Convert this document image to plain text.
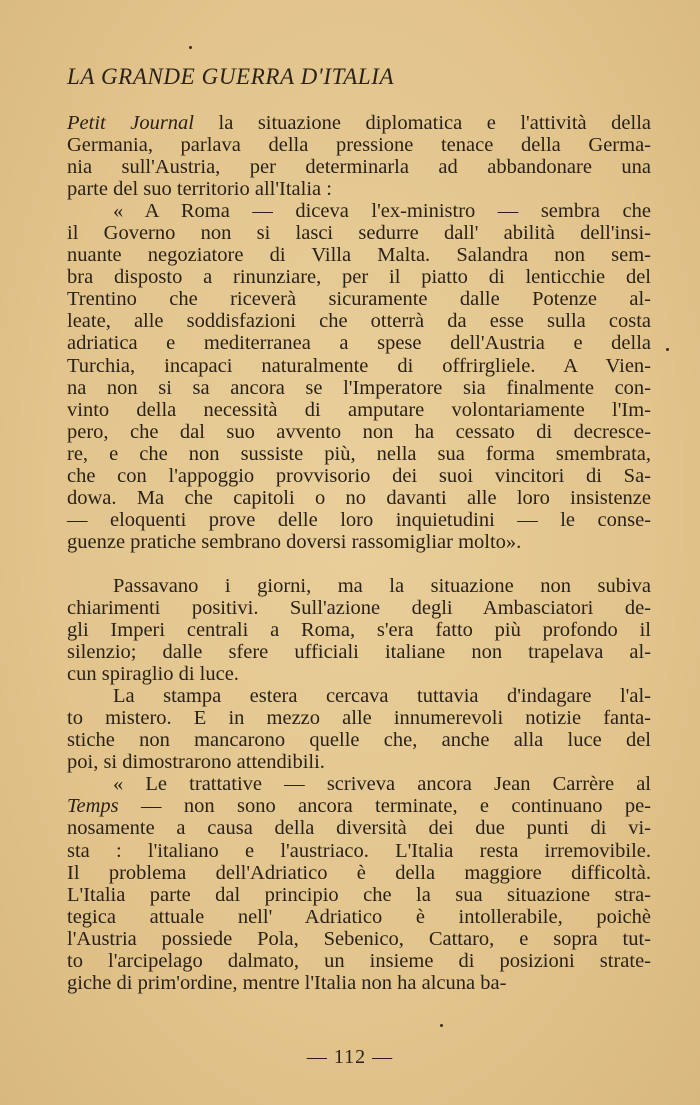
LA GRANDE GUERRA D'ITALIA
Petit Journal la situazione diplomatica e l'attività della
Germania, parlava della pressione tenace della Germa-
nia sull'Austria, per determinarla ad abbandonare una
parte del suo territorio all'Italia :
« A Roma — diceva l'ex-ministro — sembra che
il Governo non si lasci sedurre dall' abilità dell'insi-
nuante negoziatore di Villa Malta. Salandra non sem-
bra disposto a rinunziare, per il piatto di lenticchie del
Trentino che riceverà sicuramente dalle Potenze al-
leate, alle soddisfazioni che otterrà da esse sulla costa
adriatica e mediterranea a spese dell'Austria e della
Turchia, incapaci naturalmente di offrirgliele. A Vien-
na non si sa ancora se l'Imperatore sia finalmente con-
vinto della necessità di amputare volontariamente l'Im-
pero, che dal suo avvento non ha cessato di decresce-
re, e che non sussiste più, nella sua forma smembrata,
che con l'appoggio provvisorio dei suoi vincitori di Sa-
dowa. Ma che capitoli o no davanti alle loro insistenze
— eloquenti prove delle loro inquietudini — le conse-
guenze pratiche sembrano doversi rassomigliar molto».
Passavano i giorni, ma la situazione non subiva
chiarimenti positivi. Sull'azione degli Ambasciatori de-
gli Imperi centrali a Roma, s'era fatto più profondo il
silenzio; dalle sfere ufficiali italiane non trapelava al-
cun spiraglio di luce.
La stampa estera cercava tuttavia d'indagare l'al-
to mistero. E in mezzo alle innumerevoli notizie fanta-
stiche non mancarono quelle che, anche alla luce del
poi, si dimostrarono attendibili.
« Le trattative — scriveva ancora Jean Carrère al
Temps — non sono ancora terminate, e continuano pe-
nosamente a causa della diversità dei due punti di vi-
sta : l'italiano e l'austriaco. L'Italia resta irremovibile.
Il problema dell'Adriatico è della maggiore difficoltà.
L'Italia parte dal principio che la sua situazione stra-
tegica attuale nell' Adriatico è intollerabile, poichè
l'Austria possiede Pola, Sebenico, Cattaro, e sopra tut-
to l'arcipelago dalmato, un insieme di posizioni strate-
giche di prim'ordine, mentre l'Italia non ha alcuna ba-
— 112 —
